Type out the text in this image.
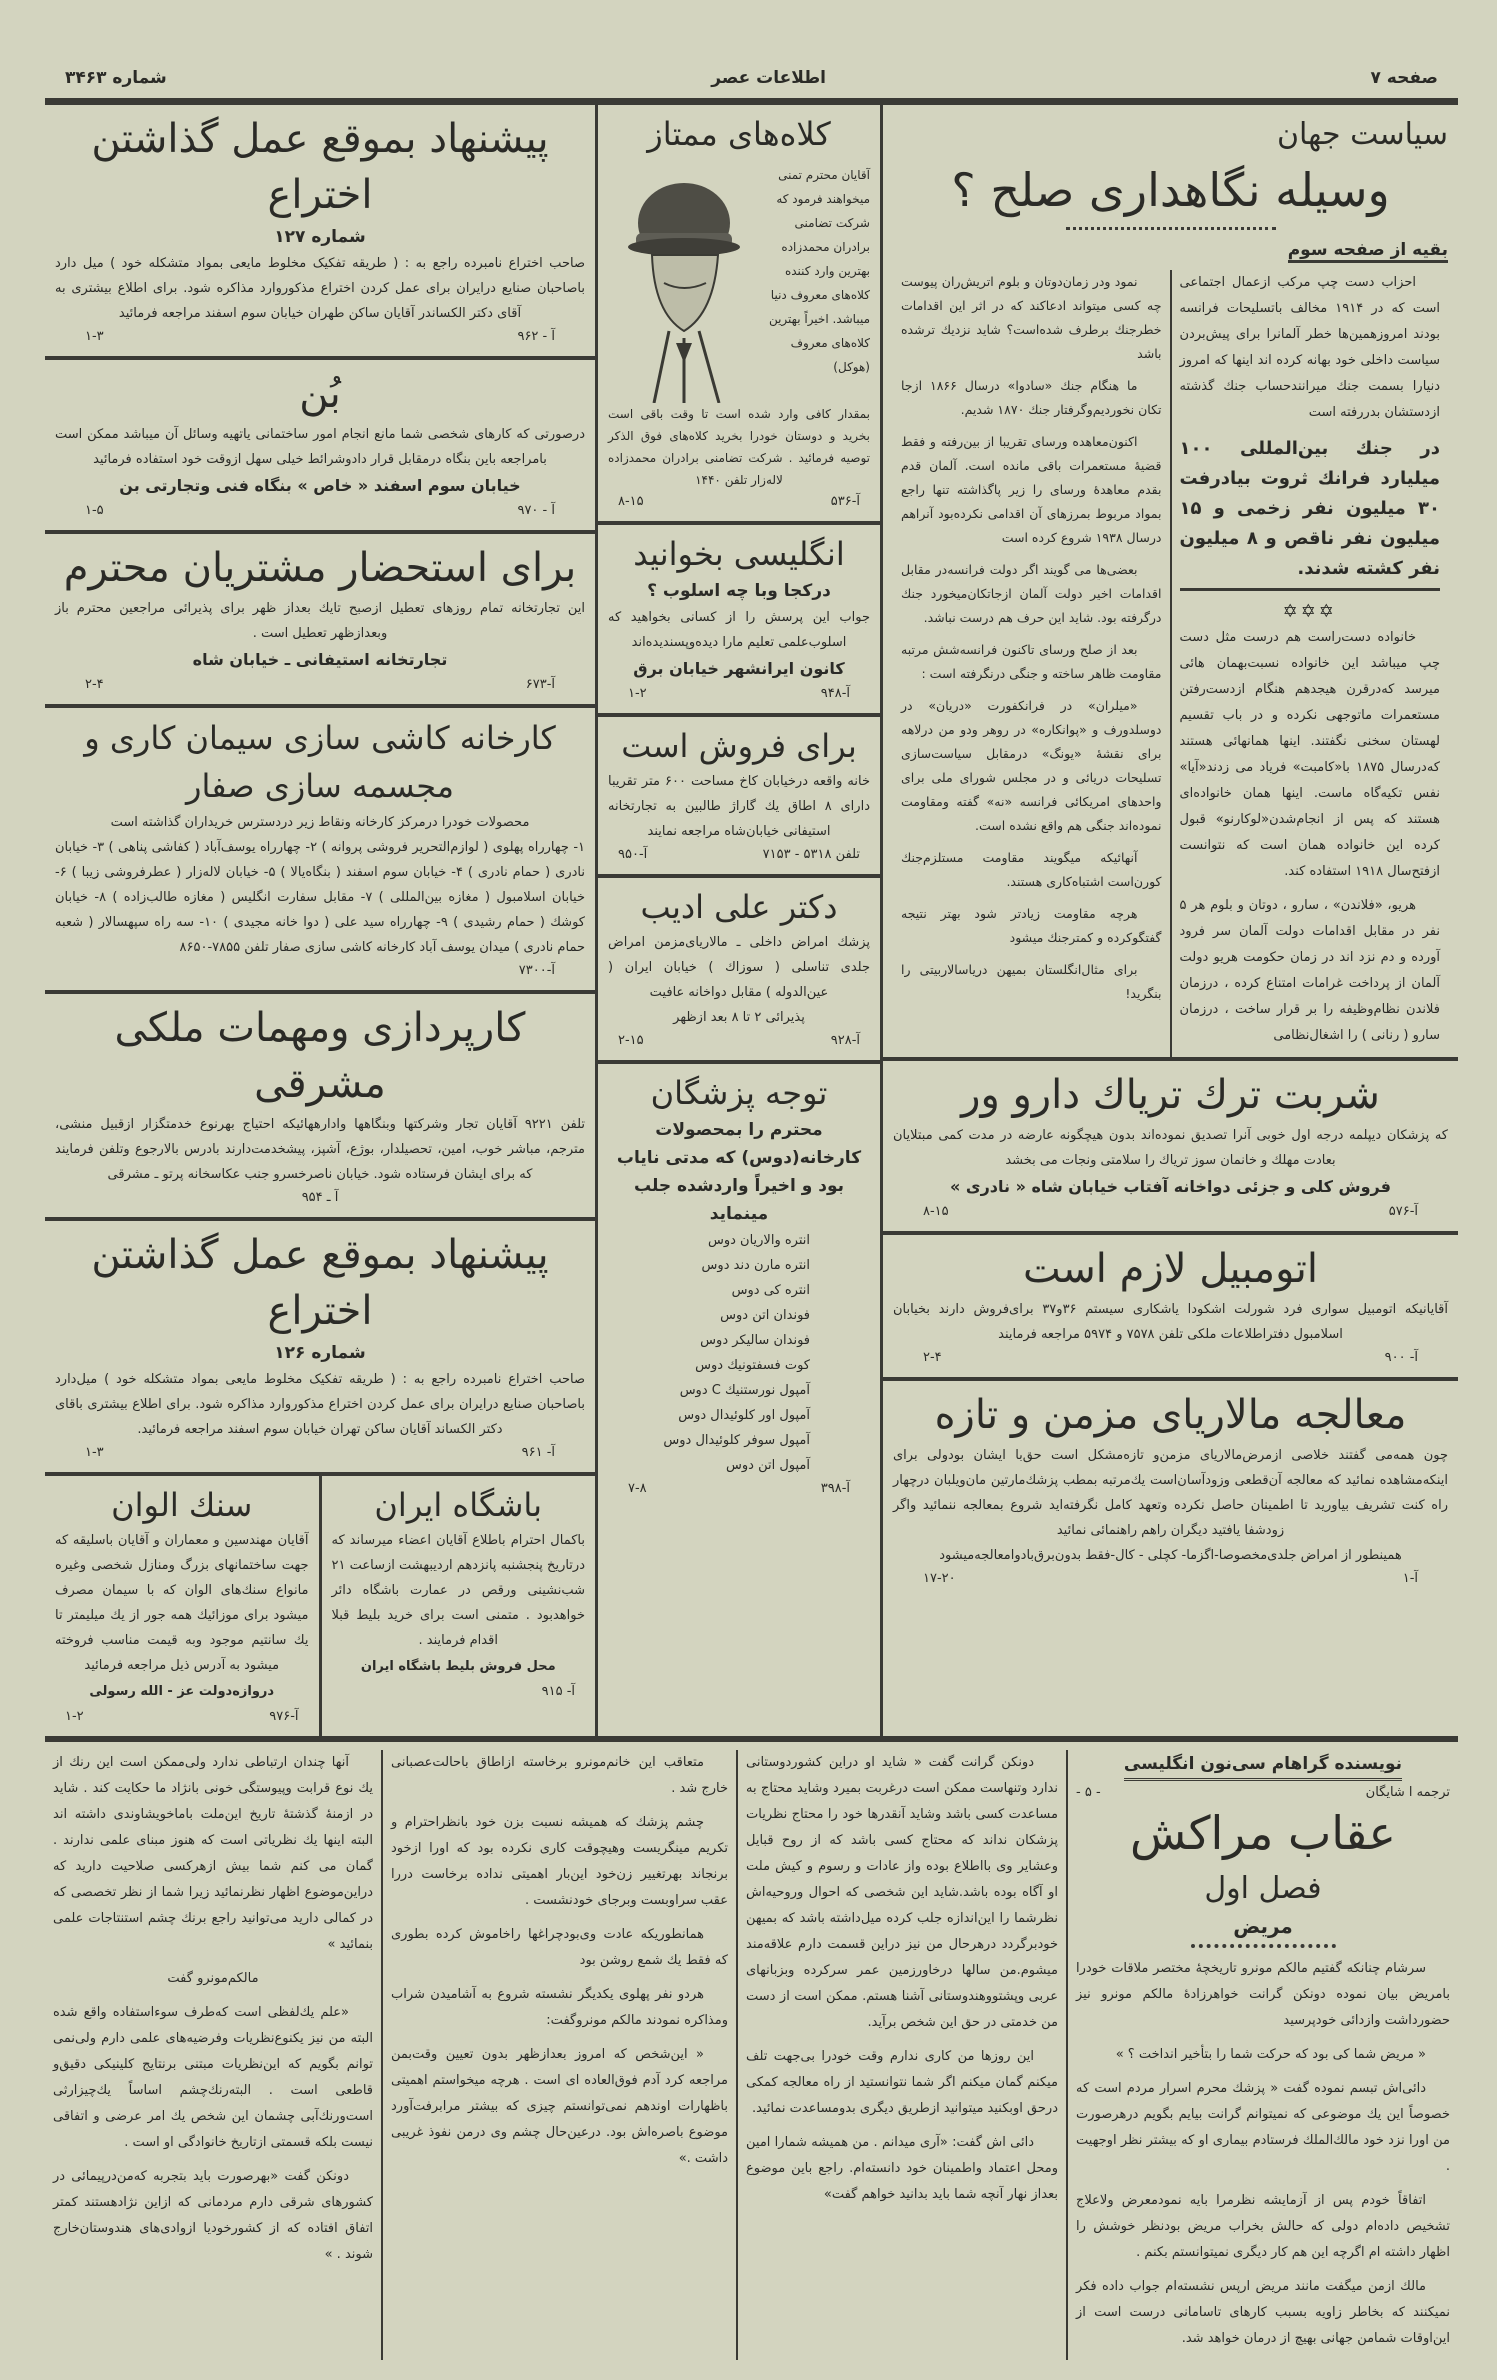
صفحه ۷
اطلاعات عصر
شماره ۳۴۶۳
پیشنهاد بموقع عمل گذاشتن اختراع
شماره ۱۲۷
صاحب اختراع نامبرده راجع به : ( طریقه تفکیک مخلوط مایعی بمواد متشکله خود ) میل دارد باصاحبان صنایع درایران برای عمل کردن اختراع مذکوروارد مذاکره شود. برای اطلاع بیشتری به آقای دکتر الکساندر آقایان ساکن طهران خیابان سوم اسفند مراجعه فرمائید
آ - ۹۶۲
۱-۳
بُن
درصورتی که کارهای شخصی شما مانع انجام امور ساختمانی یاتهیه وسائل آن میباشد ممکن است بامراجعه باین بنگاه درمقابل قرار دادوشرائط خیلی سهل ازوقت خود استفاده فرمائید
خیابان سوم اسفند « خاص » بنگاه فنی وتجارتی بن
آ - ۹۷۰
۱-۵
برای استحضار مشتریان محترم
این تجارتخانه تمام روزهای تعطیل ازصبح تایك بعداز ظهر برای پذیرائی مراجعین محترم باز وبعدازظهر تعطیل است .
تجارتخانه استیفانی ـ خیابان شاه
آ-۶۷۳
۲-۴
کارخانه کاشی سازی سیمان کاری و مجسمه سازی صفار
محصولات خودرا درمرکز کارخانه ونقاط زیر دردسترس خریداران گذاشته است
۱- چهارراه پهلوی ( لوازم‌التحریر فروشی پروانه ) ۲- چهارراه یوسف‌آباد ( کفاشی پناهی ) ۳- خیابان نادری ( حمام نادری ) ۴- خیابان سوم اسفند ( بنگاه‌یالا ) ۵- خیابان لاله‌زار ( عطرفروشی زیبا ) ۶- خیابان اسلامبول ( مغازه بین‌المللی ) ۷- مقابل سفارت انگلیس ( مغازه طالب‌زاده ) ۸- خیابان کوشك ( حمام رشیدی ) ۹- چهارراه سید علی ( دوا خانه مجیدی ) ۱۰- سه راه سپهسالار ( شعبه حمام نادری ) میدان یوسف آباد کارخانه کاشی سازی صفار تلفن ۷۸۵۵-۸۶۵۰
آ-۷۳۰۰
کارپردازی ومهمات ملکی مشرقی
تلفن ۹۲۲۱ آقایان تجار وشرکتها وبنگاهها وادارههائیکه احتیاج بهرنوع خدمتگزار ازقبیل منشی، مترجم، مباشر خوب، امین، تحصیلدار، بوژع، آشپز، پیشخدمت‌دارند بادرس بالارجوع وتلفن فرمایند که برای ایشان فرستاده شود. خیابان ناصرخسرو جنب عکاسخانه پرتو ـ مشرقی
آ ـ ۹۵۴
پیشنهاد بموقع عمل گذاشتن اختراع
شماره ۱۲۶
صاحب اختراع نامبرده راجع به : ( طریقه تفکیک مخلوط مایعی بمواد متشکله خود ) میل‌دارد باصاحبان صنایع درایران برای عمل کردن اختراع مذکوروارد مذاکره شود. برای اطلاع بیشتری باقای دکتر الکساند آقایان ساکن تهران خیابان سوم اسفند مراجعه فرمائید.
آ- ۹۶۱
۱-۳
باشگاه ایران
باکمال احترام باطلاع آقایان اعضاء میرساند که درتاریخ پنجشنبه پانزدهم اردیبهشت ازساعت ۲۱ شب‌نشینی ورقص در عمارت باشگاه دائر خواهدبود . متمنی است برای خرید بلیط قبلا اقدام فرمایند .
محل فروش بلیط باشگاه ایران
آ- ۹۱۵
سنك الوان
آقایان مهندسین و معماران و آقایان باسلیقه که جهت ساختمانهای بزرگ ومنازل شخصی وغیره مانواع سنك‌های الوان که با سیمان مصرف میشود برای موزائیك همه جور از یك میلیمتر تا یك سانتیم موجود وبه قیمت مناسب فروخته میشود به آدرس ذیل مراجعه فرمائید
دروازه‌دولت عز - الله رسولی
آ-۹۷۶
۱-۲
کلاه‌های ممتاز
آقایان محترم تمنی میخواهند فرمود که شرکت تضامنی برادران محمدزاده بهترین وارد کننده کلاه‌های معروف دنیا میباشد. اخیراً بهترین کلاه‌های معروف (هوکل)
بمقدار کافی وارد شده است تا وقت باقی است بخرید و دوستان خودرا بخرید کلاه‌های فوق الذکر توصیه فرمائید . شرکت تضامنی برادران محمدزاده لاله‌زار تلفن ۱۴۴۰
آ-۵۳۶
۸-۱۵
انگلیسی بخوانید
درکجا وبا چه اسلوب ؟
جواب این پرسش را از کسانی بخواهید که اسلوب‌علمی تعلیم مارا دیده‌وپسندیده‌اند
کانون ایرانشهر خیابان برق
آ-۹۴۸
۱-۲
برای فروش است
خانه واقعه درخیابان کاخ مساحت ۶۰۰ متر تقریبا دارای ۸ اطاق یك گاراژ طالبین به تجارتخانه استیفانی خیابان‌شاه مراجعه نمایند
تلفن ۵۳۱۸ - ۷۱۵۳
آ-۹۵۰
دکتر علی ادیب
پزشك امراض داخلی ـ مالاریای‌مزمن امراض جلدی تناسلی ( سوزاك ) خیابان ایران ( عین‌الدوله ) مقابل دواخانه عافیت
پذیرائی ۲ تا ۸ بعد ازظهر
آ-۹۲۸
۲-۱۵
توجه پزشگان
محترم را بمحصولات کارخانه(دوس) که مدتی نایاب بود و اخیراً واردشده جلب مینماید
انتره والاریان دوس
انتره مارن دند دوس
انتره کی دوس
فوندان اتن دوس
فوندان سالیکر دوس
کوت فسفتونیك دوس
آمپول نورستنیك C دوس
آمپول اور کلوئیدال دوس
آمپول سوفر کلوئیدال دوس
آمپول اتن دوس
آ-۳۹۸
۷-۸
سیاست جهان
وسیله نگاهداری صلح ؟
بقیه از صفحه سوم

احزاب دست چپ مرکب ازعمال اجتماعی است که در ۱۹۱۴ مخالف باتسلیحات فرانسه بودند امروزهمین‌ها خطر آلمانرا برای پیش‌بردن سیاست داخلی خود بهانه کرده اند اینها که امروز دنیارا بسمت جنك میرانندحساب جنك گذشته ازدستشان بدررفته است

در جنك بین‌المللی ۱۰۰ میلیارد فرانك ثروت بیادرفت ۳۰ میلیون نفر زخمی و ۱۵ میلیون نفر ناقص و ۸ میلیون نفر کشته شدند.

✡✡✡

خانواده دست‌راست هم درست مثل دست چپ میباشد این خانواده نسبت‌بهمان هائی میرسد که‌درقرن هیجدهم هنگام ازدست‌رفتن مستعمرات ماتوجهی نکرده و در باب تقسیم لهستان سخنی نگفتند. اینها همانهائی هستند که‌درسال ۱۸۷۵ با«کامبت» فریاد می زدند«آیا» نفس تکیه‌گاه ماست. اینها همان خانواده‌ای هستند که پس از انجام‌شدن«لوکارنو» قبول کرده این خانواده همان است که نتوانست ازفتح‌سال ۱۹۱۸ استفاده کند.

هریو، «فلاندن» ، سارو ، دوتان و بلوم هر ۵ نفر در مقابل اقدامات دولت آلمان سر فرود آورده و دم نزد اند در زمان حکومت هریو دولت آلمان از پرداخت غرامات امتناع کرده ، درزمان فلاندن نظام‌وظیفه را بر قرار ساخت ، درزمان سارو ( رنانی ) را اشغال‌نظامی

نمود ودر زمان‌دوتان و بلوم اتریش‌ران پیوست چه کسی میتواند ادعاکند که در اثر این اقدامات خطرجنك برطرف شده‌است؟ شاید نزدیك ترشده باشد

ما هنگام جنك «سادوا» درسال ۱۸۶۶ ازجا تکان نخوردیم‌وگرفتار جنك ۱۸۷۰ شدیم.

اکنون‌معاهده ورسای تقریبا از بین‌رفته و فقط قضیهٔ مستعمرات باقی مانده است. آلمان قدم بقدم معاهدهٔ ورسای را زیر پاگذاشته تنها راجع بمواد مربوط بمرزهای آن اقدامی نکرده‌بود آنراهم درسال ۱۹۳۸ شروع کرده است

بعضی‌ها می گویند اگر دولت فرانسه‌در مقابل اقدامات اخیر دولت آلمان ازجاتکان‌میخورد جنك درگرفته بود. شاید این حرف هم درست نباشد.

بعد از صلح ورسای تاکنون فرانسه‌شش مرتبه مقاومت ظاهر ساخته و جنگی درنگرفته است :

«میلران» در فرانکفورت «دریان» در دوسلدورف و «پوانکاره» در روهر ودو من درلاهه برای نقشهٔ «یونگ» درمقابل سیاست‌سازی تسلیحات دریائی و در مجلس شورای ملی برای واحدهای امریکائی فرانسه «نه» گفته ومقاومت نموده‌اند جنگی هم واقع نشده است.

آنهائیکه میگویند مقاومت مستلزم‌جنك کورن‌است اشتباه‌کاری هستند.

هرچه مقاومت زیادتر شود بهتر نتیجه گفتگوکرده و کمترجنك میشود

برای مثال‌انگلستان بمیهن دریاسالاربیتی را بنگرید!

شربت ترك تریاك دارو ور
که پزشکان دیپلمه درجه اول خوبی آنرا تصدیق نموده‌اند بدون هیچگونه عارضه در مدت کمی مبتلایان بعادت مهلك و خانمان سوز تریاك را سلامتی ونجات می بخشد
فروش کلی و جزئی دواخانه آفتاب خیابان شاه « نادری »
آ-۵۷۶
۸-۱۵
اتومبیل لازم است
آقایانیکه اتومبیل سواری فرد شورلت اشکودا یاشکاری سیستم ۳۶و۳۷ برای‌فروش دارند بخیابان اسلامبول دفتراطلاعات ملکی تلفن ۷۵۷۸ و ۵۹۷۴ مراجعه فرمایند
آ- ۹۰۰
۲-۴
معالجه مالاریای مزمن و تازه
چون همه‌می گفتند خلاصی ازمرض‌مالاریای مزمن‌و تازه‌مشکل است حق‌با ایشان بودولی برای اینکه‌مشاهده نمائید که معالجه آن‌قطعی وزودآسان‌است یك‌مرتبه بمطب پزشك‌مارتین مان‌ویلبان درچهار راه کنت تشریف بیاورید تا اطمینان حاصل نکرده وتعهد کامل نگرفته‌اید شروع بمعالجه ننمائید واگر زودشفا یافتید دیگران راهم راهنمائی نمائید
همینطور از امراض جلدی‌مخصوصا-اگزما- کچلی - کال-فقط بدون‌برق‌بادوامعالجه‌میشود
آ-۱
۱۷-۲۰
نویسنده گراهام سی‌نون انگلیسی
ترجمه ا شایگان
- ۵ -
عقاب مراکش
فصل اول
مریض

سرشام چنانکه گفتیم مالکم مونرو تاریخچهٔ مختصر ملاقات خودرا بامریض بیان نموده دونکن گرانت خواهرزادهٔ مالکم مونرو نیز حضورداشت وازدائی خودپرسید

« مریض شما کی بود که حرکت شما را بتأخیر انداخت ؟ »

دائی‌اش تبسم نموده گفت « پزشك محرم اسرار مردم است که خصوصاً این یك موضوعی که نمیتوانم گرانت بیایم بگویم درهرصورت من اورا نزد خود مالك‌الملك فرستادم بیماری او که بیشتر نظر اوجهیت .

اتفاقاً خودم پس از آزمایشه نظرمرا بایه نمودمعرض ولاعلاج تشخیص داده‌ام دولی که حالش بخراب مریض بودنظر خوشش را اظهار داشته ام اگرچه این هم کار دیگری نمیتوانستم بکنم .

مالك ازمن میگفت مانند مریض ارپس نشسته‌ام جواب داده فکر نمیکنند که بخاطر زاویه بسبب کارهای تاسامانی درست است از این‌اوقات شمامن جهانی بهیچ از درمان خواهد شد.

دونکن گرانت گفت « شاید او دراین کشوردوستانی ندارد وتنهاست ممکن است درغربت بمیرد وشاید محتاج به مساعدت کسی باشد وشاید آنقدرها خود را محتاج نظریات پزشکان نداند که محتاج کسی باشد که از روح قبایل وعشایر وی بااطلاع بوده واز عادات و رسوم و کیش ملت او آگاه بوده باشد.شاید این شخصی که احوال وروحیه‌اش نظرشما را این‌اندازه جلب کرده میل‌داشته باشد که بمیهن خودبرگردد درهرحال من نیز دراین قسمت دارم علاقه‌مند میشوم.من سالها درخاورزمین عمر سرکرده وبزبانهای عربی وپشتووهندوستانی آشنا هستم. ممکن است از دست من خدمتی در حق این شخص برآید.

این روزها من کاری ندارم وقت خودرا بی‌جهت تلف میکنم گمان میکنم اگر شما نتوانستید از راه معالجه کمکی درحق اوبکنید میتوانید ازطریق دیگری بدومساعدت نمائید.

دائی اش گفت: «آری میدانم . من همیشه شمارا امین ومحل اعتماد واطمینان خود دانسته‌ام. راجع باین موضوع بعداز نهار آنچه شما باید بدانید خواهم گفت»

متعاقب این خانم‌مونرو برخاسته ازاطاق باحالت‌عصبانی خارج شد .

چشم پزشك که همیشه نسبت بزن خود بانظراحترام و تکریم مینگریست وهیچوقت کاری نکرده بود که اورا ازخود برنجاند بهرتغییر زن‌خود این‌بار اهمیتی نداده برخاست دررا عقب سراوبست وبرجای خودنشست .

همانطوریکه عادت وی‌بودچراغها راخاموش کرده بطوری که فقط یك شمع روشن بود

هردو نفر پهلوی یکدیگر نشسته شروع به آشامیدن شراب ومذاکره نمودند مالکم مونروگفت:

« این‌شخص که امروز بعدازظهر بدون تعیین وقت‌بمن مراجعه کرد آدم فوق‌العاده ای است . هرچه میخواستم اهمیتی باظهارات اوندهم نمی‌توانستم چیزی که بیشتر مرابرفت‌آورد موضوع باصره‌اش بود. درعین‌حال چشم وی درمن نفوذ غریبی داشت .»

آنها چندان ارتباطی ندارد ولی‌ممکن است این رنك از یك نوع قرابت وپیوستگی خونی بانژاد ما حکایت کند . شاید در ازمنهٔ گذشتهٔ تاریخ این‌ملت باماخویشاوندی داشته اند البته اینها یك نظریاتی است که هنوز مبنای علمی ندارند . گمان می کنم شما بیش ازهرکسی صلاحیت دارید که دراین‌موضوع اظهار نظرنمائید زیرا شما از نظر تخصصی که در کمالی دارید می‌توانید راجع برنك چشم استنتاجات علمی بنمائید »

مالکم‌مونرو گفت

«علم یك‌لفظی است که‌طرف سوءاستفاده واقع شده البته من نیز یکنوع‌نظریات وفرضیه‌های علمی دارم ولی‌نمی توانم بگویم که این‌نظریات مبتنی برنتایج کلینیکی دقیق‌و قاطعی است . البته‌رنك‌چشم اساساً یك‌چیزارثی است‌ورنك‌آبی چشمان این شخص یك امر عرضی و اتفاقی نیست بلکه قسمتی ازتاریخ خانوادگی او است .

دونکن گفت «بهرصورت باید بتجربه که‌من‌درپیمائی در کشورهای شرقی دارم مردمانی که ازاین نژادهستند کمتر اتفاق افتاده که از کشورخودیا ازوادی‌های هندوستان‌خارج شوند . »
